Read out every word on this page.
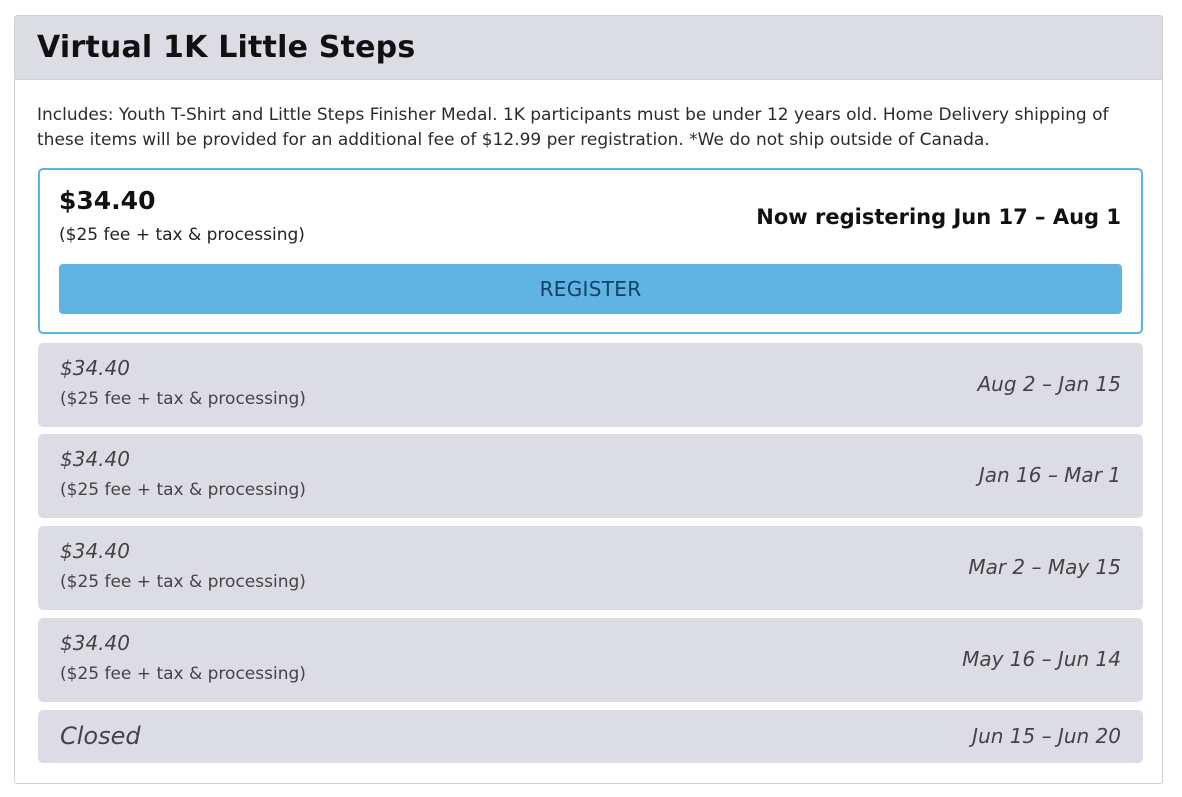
Virtual 1K Little Steps

Includes: Youth T-Shirt and Little Steps Finisher Medal. 1K participants must be under 12 years old. Home Delivery shipping of these items will be provided for an additional fee of $12.99 per registration. *We do not ship outside of Canada.

$34.40
($25 fee + tax & processing)
Now registering Jun 17 – Aug 1
REGISTER
$34.40
($25 fee + tax & processing)
Aug 2 – Jan 15
$34.40
($25 fee + tax & processing)
Jan 16 – Mar 1
$34.40
($25 fee + tax & processing)
Mar 2 – May 15
$34.40
($25 fee + tax & processing)
May 16 – Jun 14
Closed	Jun 15 – Jun 20
